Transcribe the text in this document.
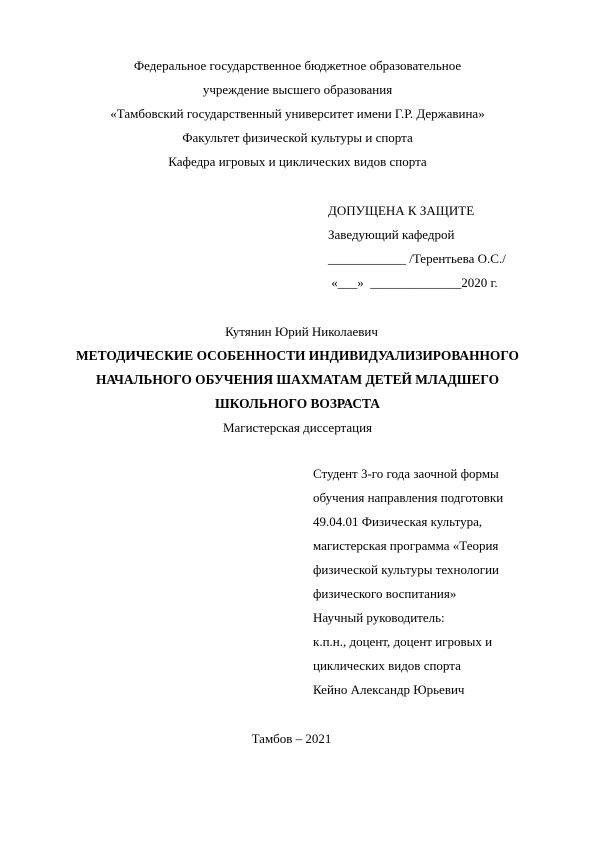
Федеральное государственное бюджетное образовательное
учреждение высшего образования
«Тамбовский государственный университет имени Г.Р. Державина»
Факультет физической культуры и спорта
Кафедра игровых и циклических видов спорта
ДОПУЩЕНА К ЗАЩИТЕ
Заведующий кафедрой
____________ /Терентьева О.С./
«___»  ______________2020 г.
Кутянин Юрий Николаевич
МЕТОДИЧЕСКИЕ ОСОБЕННОСТИ ИНДИВИДУАЛИЗИРОВАННОГО
НАЧАЛЬНОГО ОБУЧЕНИЯ ШАХМАТАМ ДЕТЕЙ МЛАДШЕГО
ШКОЛЬНОГО ВОЗРАСТА
Магистерская диссертация
Студент 3-го года заочной формы
обучения направления подготовки
49.04.01 Физическая культура,
магистерская программа «Теория
физической культуры технологии
физического воспитания»
Научный руководитель:
к.п.н., доцент, доцент игровых и
циклических видов спорта
Кейно Александр Юрьевич
Тамбов – 2021
